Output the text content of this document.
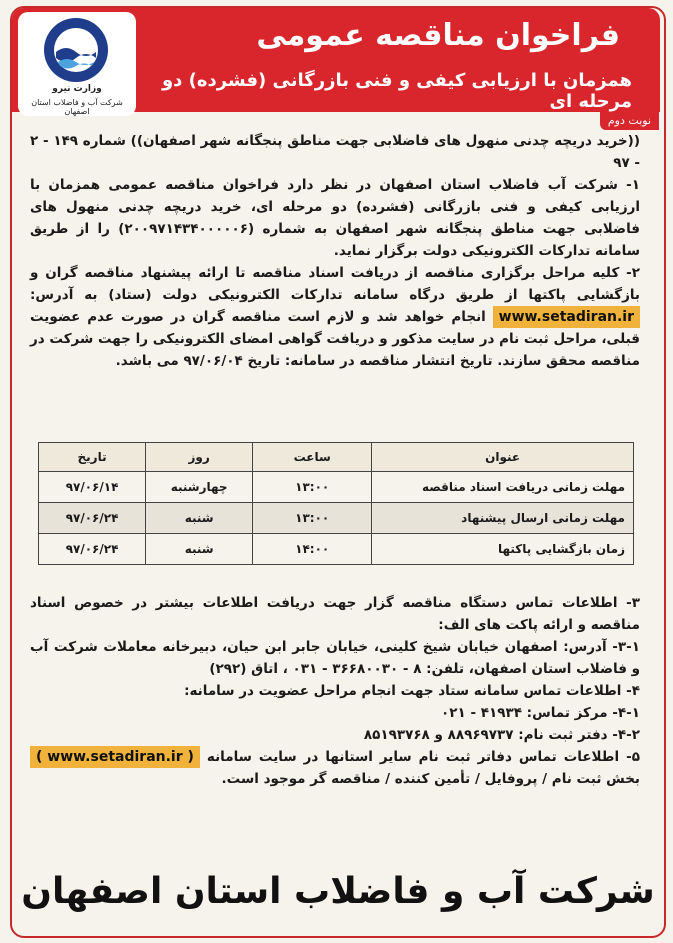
فراخوان مناقصه عمومی
همزمان با ارزیابی کیفی و فنی بازرگانی (فشرده) دو مرحله ای
وزارت نیرو
شرکت آب و فاضلاب استان اصفهان
نوبت دوم

((خرید دریچه چدنی منهول های فاضلابی جهت مناطق پنجگانه شهر اصفهان)) شماره ۱۴۹ - ۲ - ۹۷

۱- شرکت آب فاضلاب استان اصفهان در نظر دارد فراخوان مناقصه عمومی همزمان با ارزیابی کیفی و فنی بازرگانی (فشرده) دو مرحله ای، خرید دریچه چدنی منهول های فاضلابی جهت مناطق پنجگانه شهر اصفهان به شماره (۲۰۰۹۷۱۴۳۴۰۰۰۰۰۶) را از طریق سامانه تدارکات الکترونیکی دولت برگزار نماید.

۲- کلیه مراحل برگزاری مناقصه از دریافت اسناد مناقصه تا ارائه پیشنهاد مناقصه گران و بازگشایی پاکتها از طریق درگاه سامانه تدارکات الکترونیکی دولت (ستاد) به آدرس: www.setadiran.ir انجام خواهد شد و لازم است مناقصه گران در صورت عدم عضویت قبلی، مراحل ثبت نام در سایت مذکور و دریافت گواهی امضای الکترونیکی را جهت شرکت در مناقصه محقق سازند. تاریخ انتشار مناقصه در سامانه: تاریخ ۹۷/۰۶/۰۴ می باشد.

عنوان	ساعت	روز	تاریخ
مهلت زمانی دریافت اسناد مناقصه	۱۳:۰۰	چهارشنبه	۹۷/۰۶/۱۴
مهلت زمانی ارسال پیشنهاد	۱۳:۰۰	شنبه	۹۷/۰۶/۲۴
زمان بازگشایی پاکتها	۱۴:۰۰	شنبه	۹۷/۰۶/۲۴

۳- اطلاعات تماس دستگاه مناقصه گزار جهت دریافت اطلاعات بیشتر در خصوص اسناد مناقصه و ارائه پاکت های الف:

۳-۱- آدرس: اصفهان خیابان شیخ کلینی، خیابان جابر ابن حیان، دبیرخانه معاملات شرکت آب و فاضلاب استان اصفهان، تلفن: ۸ - ۳۶۶۸۰۰۳۰ - ۰۳۱ ، اتاق (۲۹۲)

۴- اطلاعات تماس سامانه ستاد جهت انجام مراحل عضویت در سامانه:

۴-۱- مرکز تماس: ۴۱۹۳۴ - ۰۲۱

۴-۲- دفتر ثبت نام: ۸۸۹۶۹۷۳۷ و ۸۵۱۹۳۷۶۸

۵- اطلاعات تماس دفاتر ثبت نام سایر استانها در سایت سامانه ( www.setadiran.ir ) بخش ثبت نام / پروفایل / تأمین کننده / مناقصه گر موجود است.

شرکت آب و فاضلاب استان اصفهان
